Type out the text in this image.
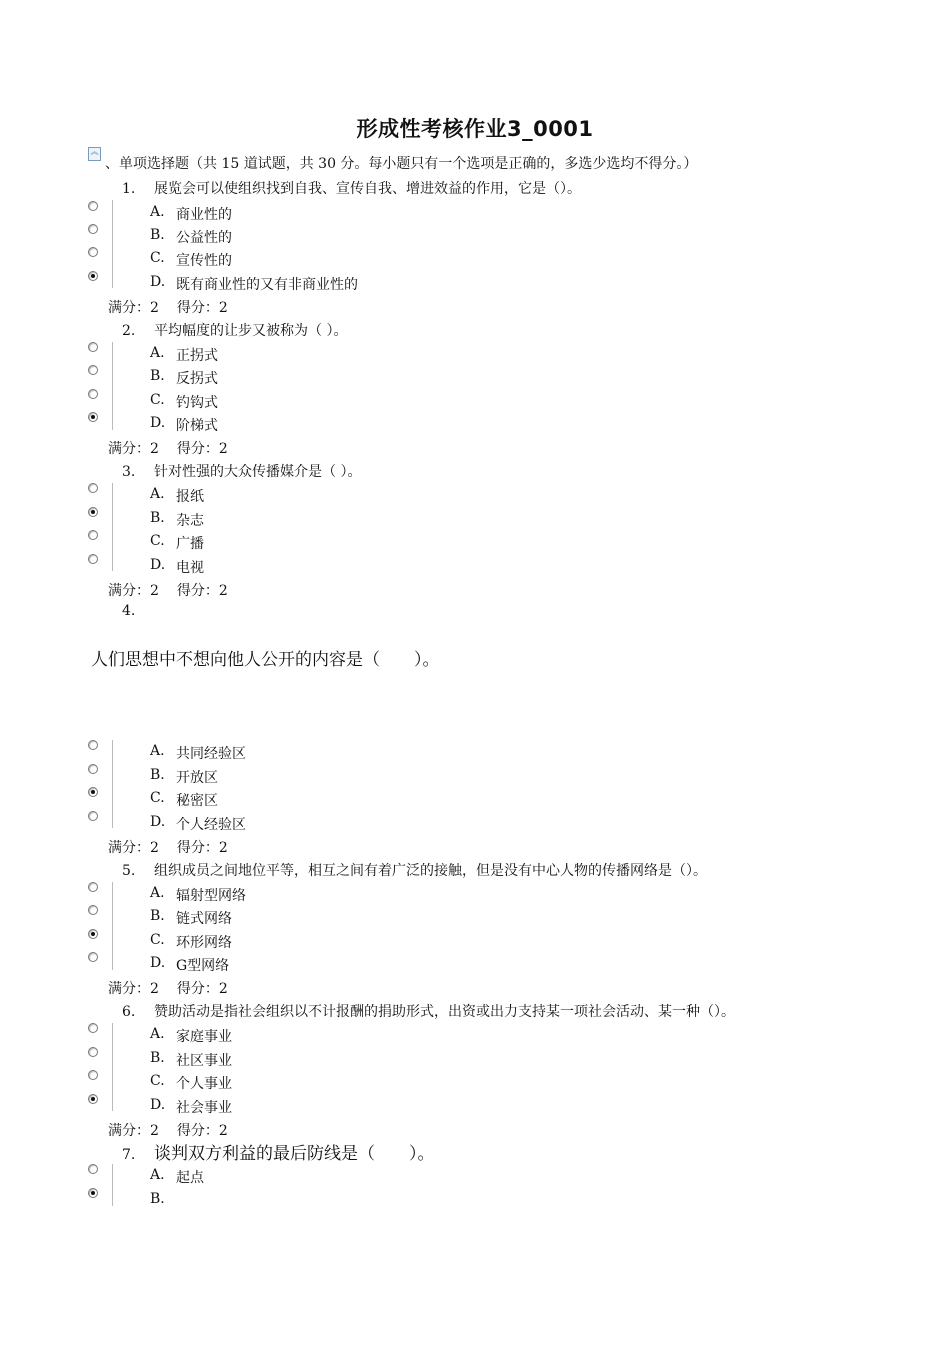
形成性考核作业3_0001
︽
、单项选择题（共 15 道试题，共 30 分。每小题只有一个选项是正确的，多选少选均不得分。）
1. 展览会可以使组织找到自我、宣传自我、增进效益的作用，它是（）。
A. 商业性的
B. 公益性的
C. 宣传性的
D. 既有商业性的又有非商业性的
满分：2 得分：2
2. 平均幅度的让步又被称为（ ）。
A. 正拐式
B. 反拐式
C. 钓钩式
D. 阶梯式
满分：2 得分：2
3. 针对性强的大众传播媒介是（ ）。
A. 报纸
B. 杂志
C. 广播
D. 电视
满分：2 得分：2
4.
人们思想中不想向他人公开的内容是（　　）。
A. 共同经验区
B. 开放区
C. 秘密区
D. 个人经验区
满分：2 得分：2
5. 组织成员之间地位平等，相互之间有着广泛的接触，但是没有中心人物的传播网络是（）。
A. 辐射型网络
B. 链式网络
C. 环形网络
D. G型网络
满分：2 得分：2
6. 赞助活动是指社会组织以不计报酬的捐助形式，出资或出力支持某一项社会活动、某一种（）。
A. 家庭事业
B. 社区事业
C. 个人事业
D. 社会事业
满分：2 得分：2
7. 谈判双方利益的最后防线是（　　）。
A. 起点
B.
